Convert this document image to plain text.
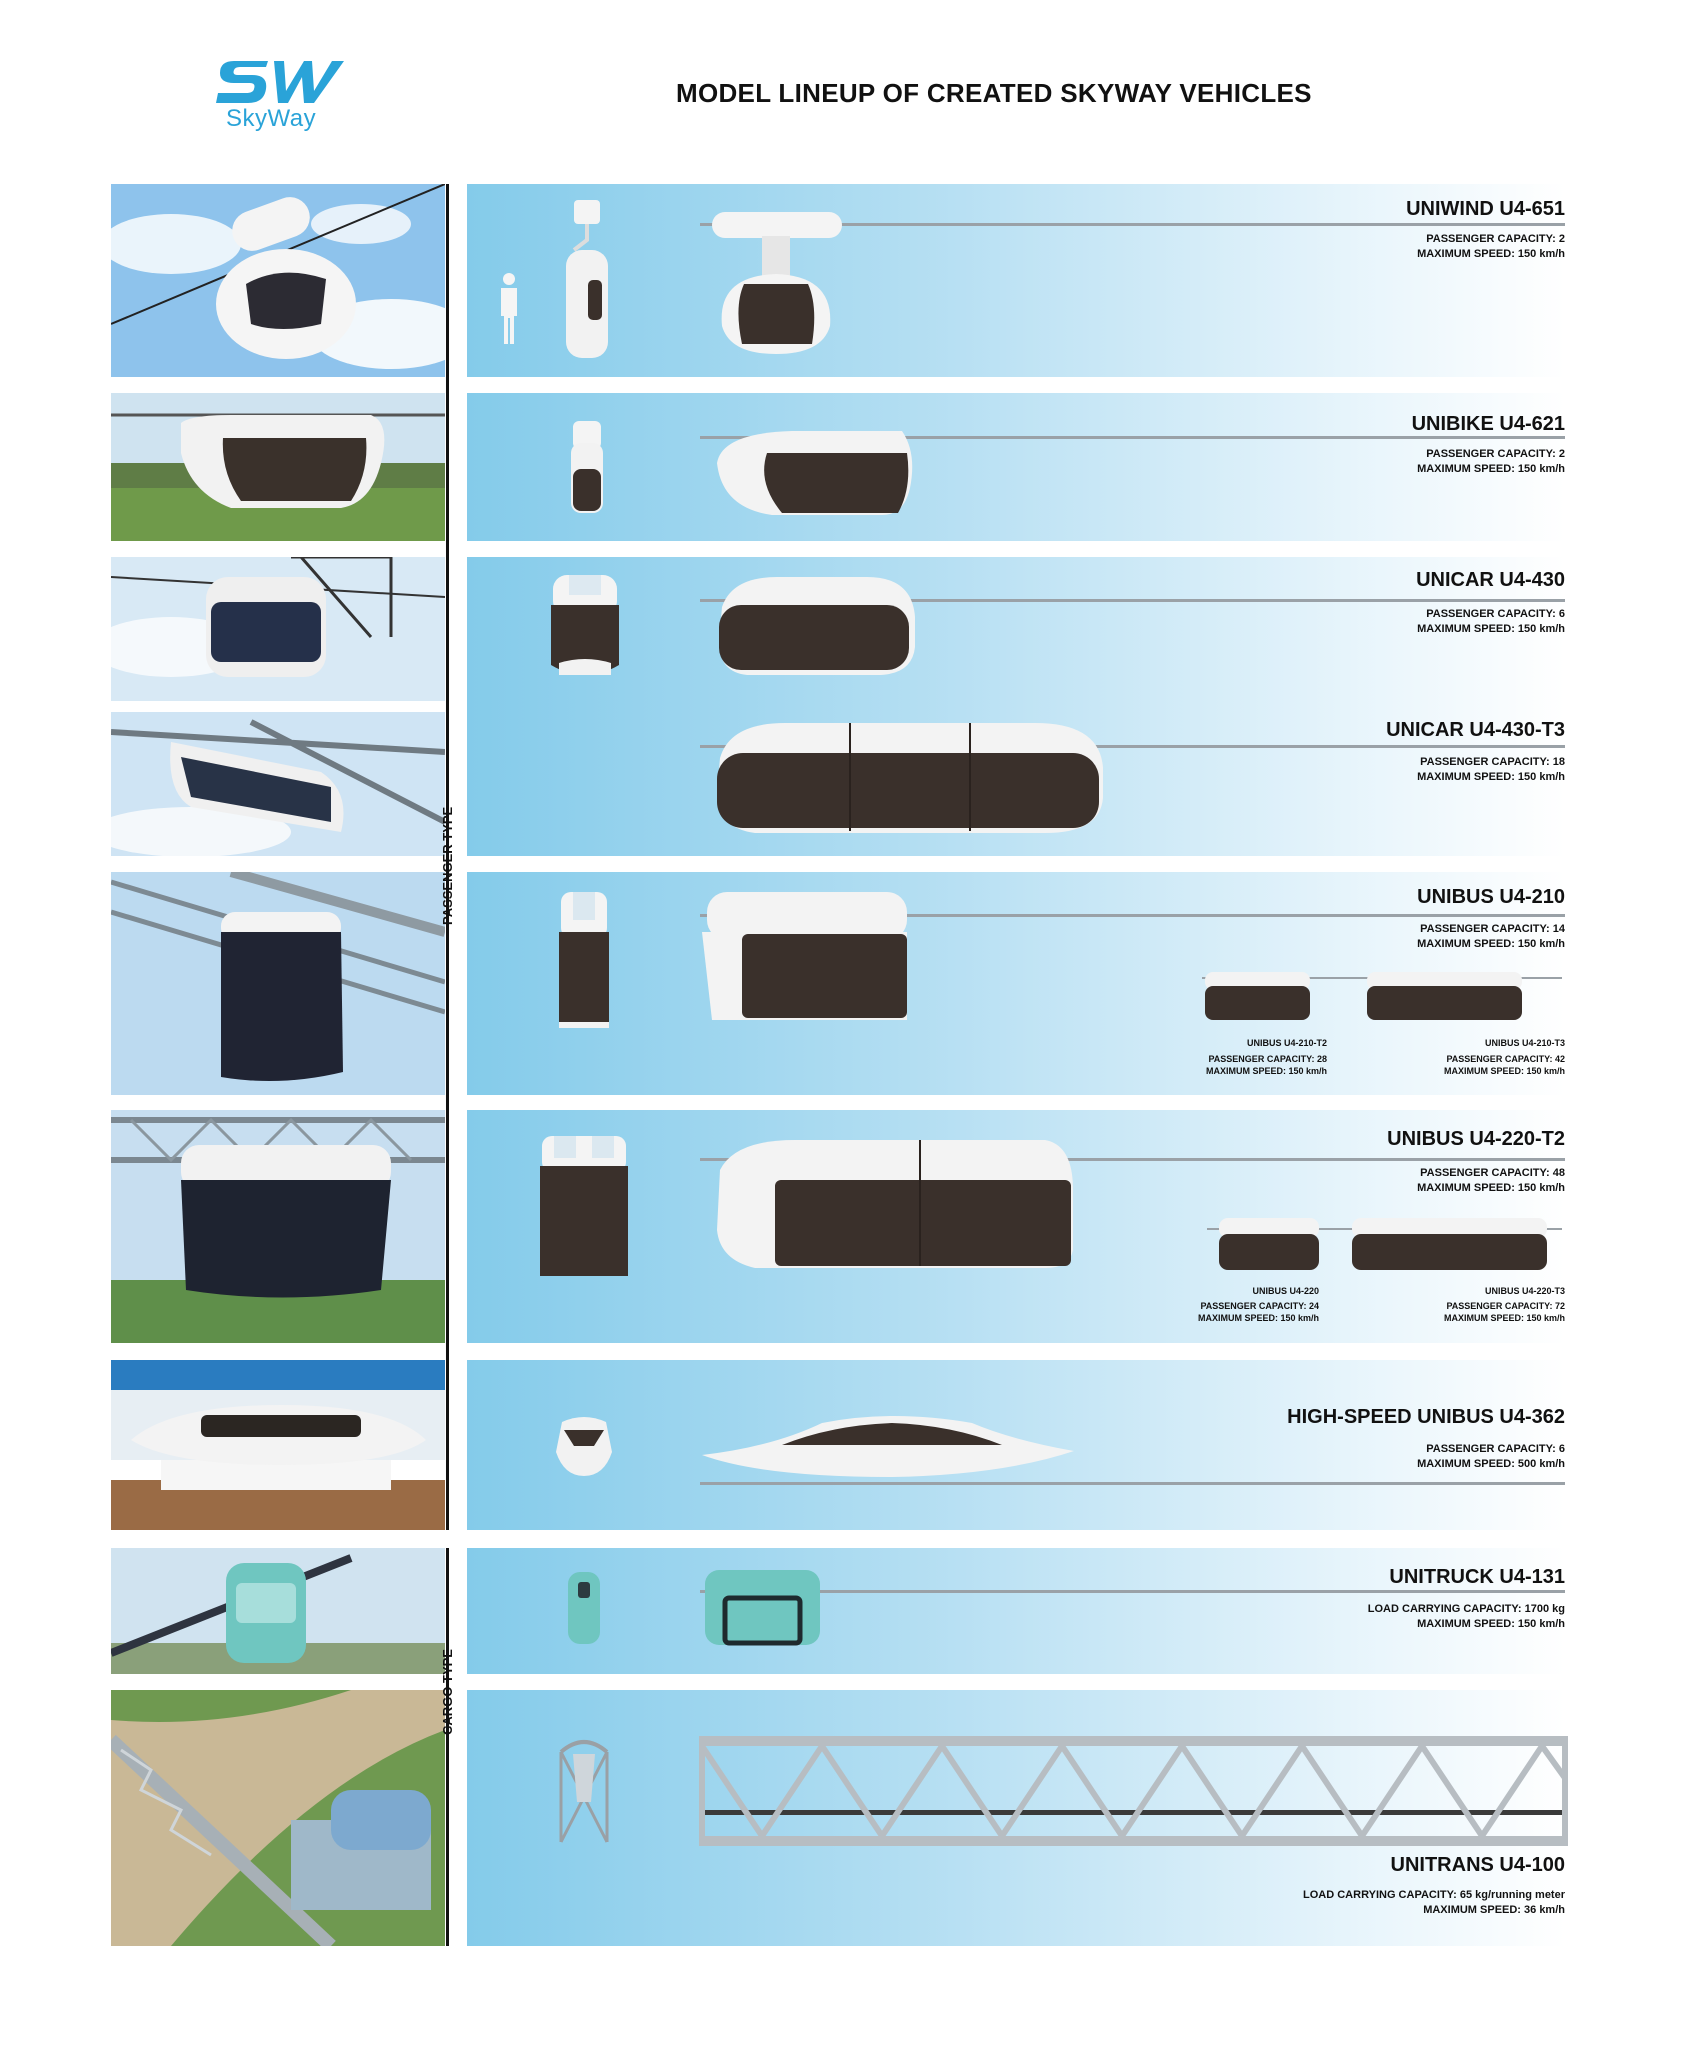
SkyWay
MODEL LINEUP OF CREATED SKYWAY VEHICLES
PASSENGER TYPE
CARGO TYPE
UNIWIND U4-651
PASSENGER CAPACITY: 2
MAXIMUM SPEED: 150 km/h
UNIBIKE U4-621
PASSENGER CAPACITY: 2
MAXIMUM SPEED: 150 km/h
UNICAR U4-430
PASSENGER CAPACITY: 6
MAXIMUM SPEED: 150 km/h
UNICAR U4-430-T3
PASSENGER CAPACITY: 18
MAXIMUM SPEED: 150 km/h
UNIBUS U4-210
PASSENGER CAPACITY: 14
MAXIMUM SPEED: 150 km/h
UNIBUS U4-210-T2
PASSENGER CAPACITY: 28
MAXIMUM SPEED: 150 km/h
UNIBUS U4-210-T3
PASSENGER CAPACITY: 42
MAXIMUM SPEED: 150 km/h
UNIBUS U4-220-T2
PASSENGER CAPACITY: 48
MAXIMUM SPEED: 150 km/h
UNIBUS U4-220
PASSENGER CAPACITY: 24
MAXIMUM SPEED: 150 km/h
UNIBUS U4-220-T3
PASSENGER CAPACITY: 72
MAXIMUM SPEED: 150 km/h
HIGH-SPEED UNIBUS U4-362
PASSENGER CAPACITY: 6
MAXIMUM SPEED: 500 km/h
UNITRUCK U4-131
LOAD CARRYING CAPACITY: 1700 kg
MAXIMUM SPEED: 150 km/h
UNITRANS U4-100
LOAD CARRYING CAPACITY: 65 kg/running meter
MAXIMUM SPEED: 36 km/h
